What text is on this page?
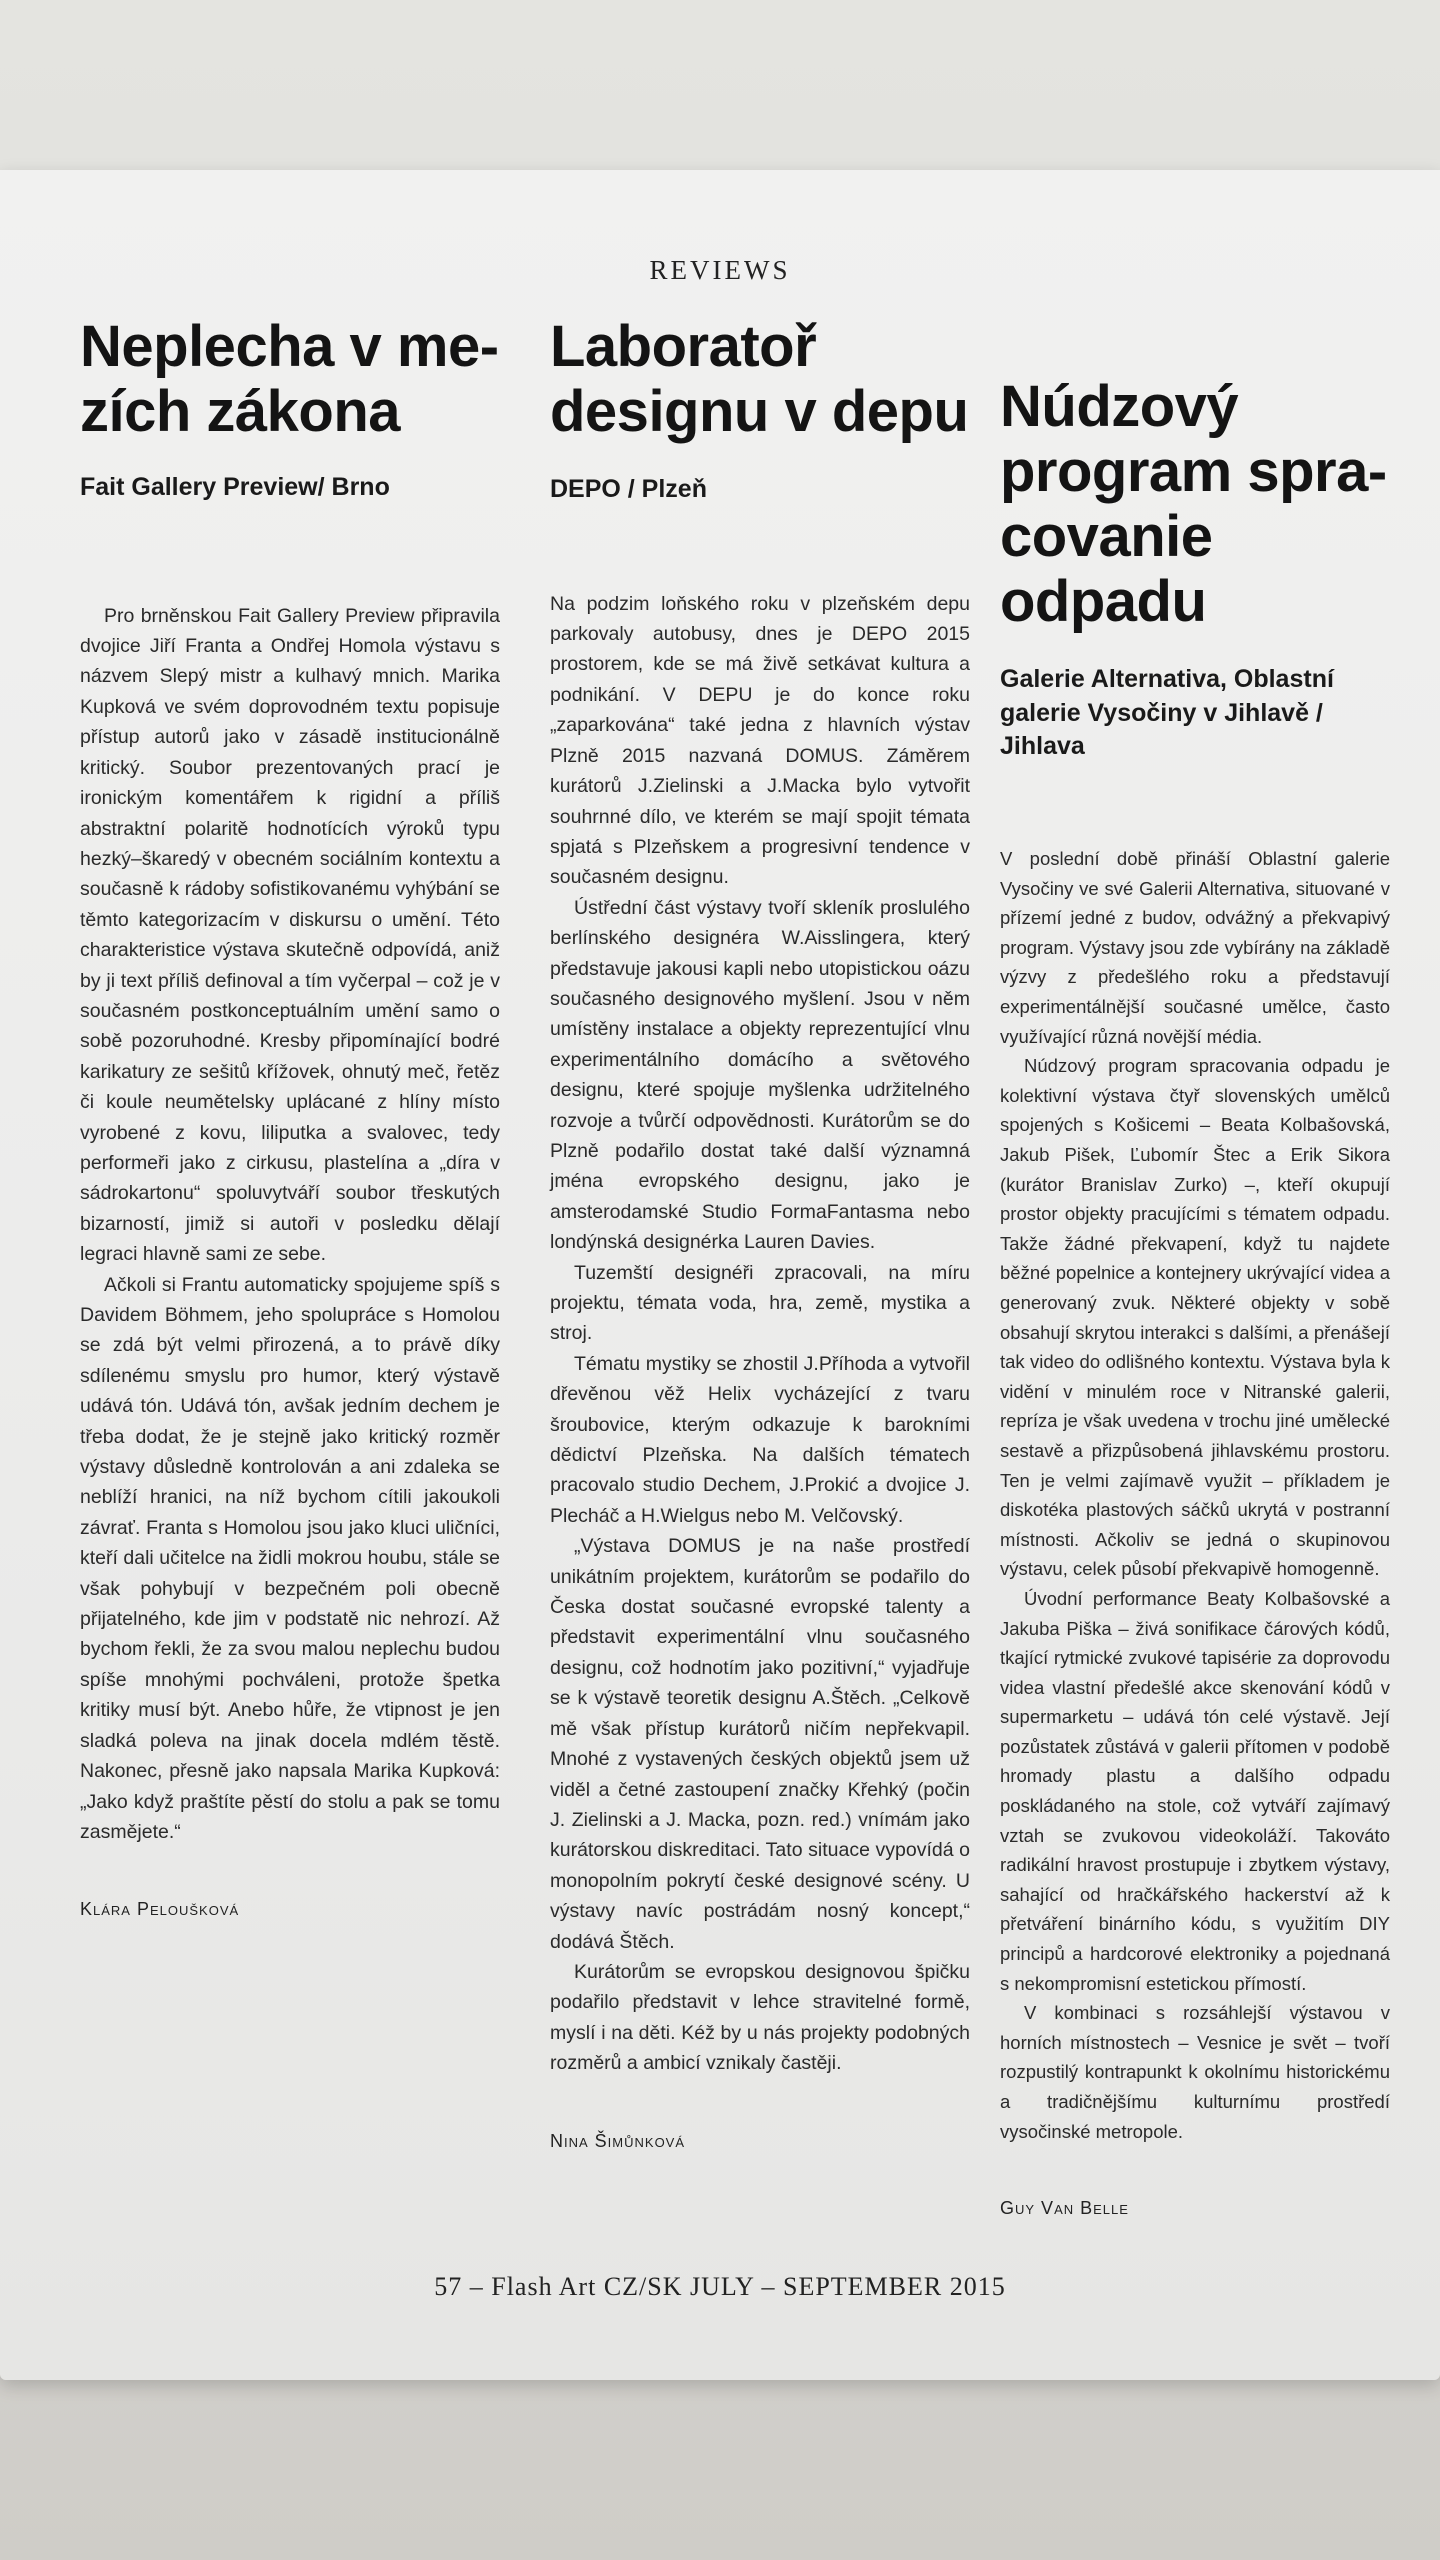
REVIEWS
Neplecha v me-
zích zákona
Fait Gallery Preview/ Brno

Pro brněnskou Fait Gallery Preview připravila dvojice Jiří Franta a Ondřej Homola výstavu s názvem Slepý mistr a kulhavý mnich. Marika Kupková ve svém doprovodném textu popisuje přístup autorů jako v zásadě institucionálně kritický. Soubor prezentovaných prací je ironickým komentářem k rigidní a příliš abstraktní polaritě hodnotících výroků typu hezký–škaredý v obecném sociálním kontextu a současně k rádoby sofistikovanému vyhýbání se těmto kategorizacím v diskursu o umění. Této charakteristice výstava skutečně odpovídá, aniž by ji text příliš definoval a tím vyčerpal – což je v současném postkonceptuálním umění samo o sobě pozoruhodné. Kresby připomínající bodré karikatury ze sešitů křížovek, ohnutý meč, řetěz či koule neumětelsky uplácané z hlíny místo vyrobené z kovu, liliputka a svalovec, tedy performeři jako z cirkusu, plastelína a „díra v sádrokartonu“ spoluvytváří soubor třeskutých bizarností, jimiž si autoři v posledku dělají legraci hlavně sami ze sebe.

Ačkoli si Frantu automaticky spojujeme spíš s Davidem Böhmem, jeho spolupráce s Homolou se zdá být velmi přirozená, a to právě díky sdílenému smyslu pro humor, který výstavě udává tón. Udává tón, avšak jedním dechem je třeba dodat, že je stejně jako kritický rozměr výstavy důsledně kontrolován a ani zdaleka se neblíží hranici, na níž bychom cítili jakoukoli závrať. Franta s Homolou jsou jako kluci uličníci, kteří dali učitelce na židli mokrou houbu, stále se však pohybují v bezpečném poli obecně přijatelného, kde jim v podstatě nic nehrozí. Až bychom řekli, že za svou malou neplechu budou spíše mnohými pochváleni, protože špetka kritiky musí být. Anebo hůře, že vtipnost je jen sladká poleva na jinak docela mdlém těstě. Nakonec, přesně jako napsala Marika Kupková: „Jako když praštíte pěstí do stolu a pak se tomu zasmějete.“

Klára Peloušková
Laboratoř
designu v depu
DEPO / Plzeň

Na podzim loňského roku v plzeňském depu parkovaly autobusy, dnes je DEPO 2015 prostorem, kde se má živě setkávat kultura a podnikání. V DEPU je do konce roku „zaparkována“ také jedna z hlavních výstav Plzně 2015 nazvaná DOMUS. Záměrem kurátorů J.Zielinski a J.Macka bylo vytvořit souhrnné dílo, ve kterém se mají spojit témata spjatá s Plzeňskem a progresivní tendence v současném designu.

Ústřední část výstavy tvoří skleník proslulého berlínského designéra W.Aisslingera, který představuje jakousi kapli nebo utopistickou oázu současného designového myšlení. Jsou v něm umístěny instalace a objekty reprezentující vlnu experimentálního domácího a světového designu, které spojuje myšlenka udržitelného rozvoje a tvůrčí odpovědnosti. Kurátorům se do Plzně podařilo dostat také další významná jména evropského designu, jako je amsterodamské Studio FormaFantasma nebo londýnská designérka Lauren Davies.

Tuzemští designéři zpracovali, na míru projektu, témata voda, hra, země, mystika a stroj.

Tématu mystiky se zhostil J.Příhoda a vytvořil dřevěnou věž Helix vycházející z tvaru šroubovice, kterým odkazuje k barokními dědictví Plzeňska. Na dalších tématech pracovalo studio Dechem, J.Prokić a dvojice J. Plecháč a H.Wielgus nebo M. Velčovský.

„Výstava DOMUS je na naše prostředí unikátním projektem, kurátorům se podařilo do Česka dostat současné evropské talenty a představit experimentální vlnu současného designu, což hodnotím jako pozitivní,“ vyjadřuje se k výstavě teoretik designu A.Štěch. „Celkově mě však přístup kurátorů ničím nepřekvapil. Mnohé z vystavených českých objektů jsem už viděl a četné zastoupení značky Křehký (počin J. Zielinski a J. Macka, pozn. red.) vnímám jako kurátorskou diskreditaci. Tato situace vypovídá o monopolním pokrytí české designové scény. U výstavy navíc postrádám nosný koncept,“ dodává Štěch.

Kurátorům se evropskou designovou špičku podařilo představit v lehce stravitelné formě, myslí i na děti. Kéž by u nás projekty podobných rozměrů a ambicí vznikaly častěji.

Nina Šimůnková
Núdzový
program spra-
covanie odpadu
Galerie Alternativa, Oblastní galerie Vysočiny v Jihlavě / Jihlava

V poslední době přináší Oblastní galerie Vysočiny ve své Galerii Alternativa, situované v přízemí jedné z budov, odvážný a překvapivý program. Výstavy jsou zde vybírány na základě výzvy z předešlého roku a představují experimentálnější současné umělce, často využívající různá novější média.

Núdzový program spracovania odpadu je kolektivní výstava čtyř slovenských umělců spojených s Košicemi – Beata Kolbašovská, Jakub Pišek, Ľubomír Štec a Erik Sikora (kurátor Branislav Zurko) –, kteří okupují prostor objekty pracujícími s tématem odpadu. Takže žádné překvapení, když tu najdete běžné popelnice a kontejnery ukrývající videa a generovaný zvuk. Některé objekty v sobě obsahují skrytou interakci s dalšími, a přenášejí tak video do odlišného kontextu. Výstava byla k vidění v minulém roce v Nitranské galerii, repríza je však uvedena v trochu jiné umělecké sestavě a přizpůsobená jihlavskému prostoru. Ten je velmi zajímavě využit – příkladem je diskotéka plastových sáčků ukrytá v postranní místnosti. Ačkoliv se jedná o skupinovou výstavu, celek působí překvapivě homogenně.

Úvodní performance Beaty Kolbašovské a Jakuba Piška – živá sonifikace čárových kódů, tkající rytmické zvukové tapisérie za doprovodu videa vlastní předešlé akce skenování kódů v supermarketu – udává tón celé výstavě. Její pozůstatek zůstává v galerii přítomen v podobě hromady plastu a dalšího odpadu poskládaného na stole, což vytváří zajímavý vztah se zvukovou videokoláží. Takováto radikální hravost prostupuje i zbytkem výstavy, sahající od hračkářského hackerství až k přetváření binárního kódu, s využitím DIY principů a hardcorové elektroniky a pojednaná s nekompromisní estetickou přímostí.

V kombinaci s rozsáhlejší výstavou v horních místnostech – Vesnice je svět – tvoří rozpustilý kontrapunkt k okolnímu historickému a tradičnějšímu kulturnímu prostředí vysočinské metropole.

Guy Van Belle
57 – Flash Art CZ/SK JULY – SEPTEMBER 2015
